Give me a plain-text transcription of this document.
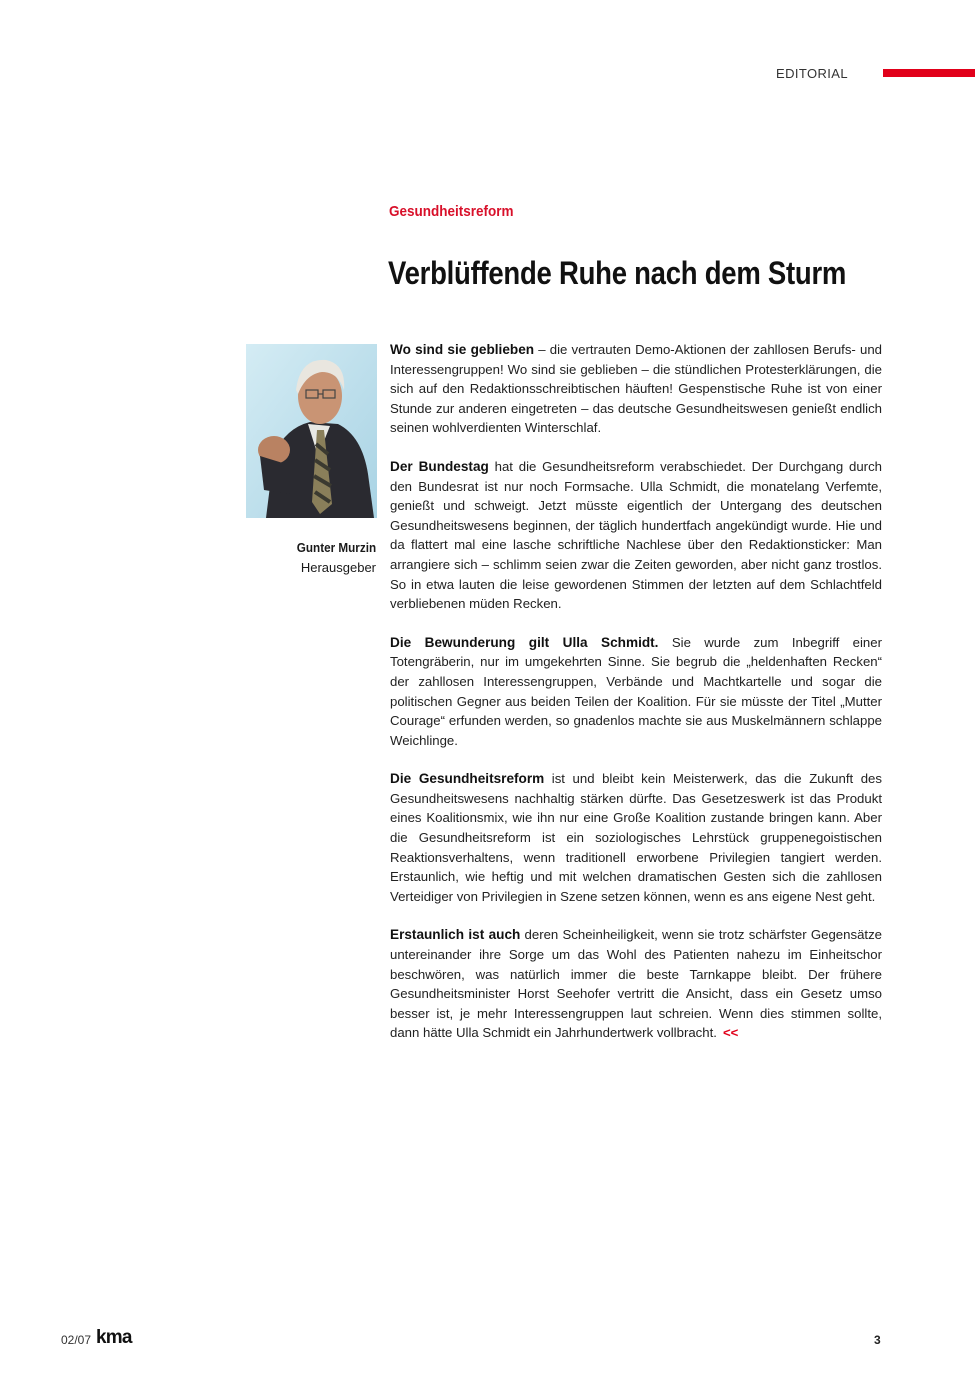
EDITORIAL
Gesundheitsreform
Verblüffende Ruhe nach dem Sturm
Gunter Murzin
Herausgeber

Wo sind sie geblieben – die vertrauten Demo-Aktionen der zahllosen Berufs- und Interessengruppen! Wo sind sie geblieben – die stündlichen Protesterklärungen, die sich auf den Redaktionsschreibtischen häuften! Gespenstische Ruhe ist von einer Stunde zur anderen eingetreten – das deutsche Gesundheitswesen genießt endlich seinen wohlverdienten Winterschlaf.

Der Bundestag hat die Gesundheitsreform verabschiedet. Der Durchgang durch den Bundesrat ist nur noch Formsache. Ulla Schmidt, die monatelang Verfemte, genießt und schweigt. Jetzt müsste eigentlich der Untergang des deutschen Gesundheitswesens beginnen, der täglich hundertfach angekündigt wurde. Hie und da flattert mal eine lasche schriftliche Nachlese über den Redaktionsticker: Man arrangiere sich – schlimm seien zwar die Zeiten geworden, aber nicht ganz trostlos. So in etwa lauten die leise gewordenen Stimmen der letzten auf dem Schlachtfeld verbliebenen müden Recken.

Die Bewunderung gilt Ulla Schmidt. Sie wurde zum Inbegriff einer Totengräberin, nur im umgekehrten Sinne. Sie begrub die „heldenhaften Recken“ der zahllosen Interessengruppen, Verbände und Machtkartelle und sogar die politischen Gegner aus beiden Teilen der Koalition. Für sie müsste der Titel „Mutter Courage“ erfunden werden, so gnadenlos machte sie aus Muskelmännern schlappe Weichlinge.

Die Gesundheitsreform ist und bleibt kein Meisterwerk, das die Zukunft des Gesundheitswesens nachhaltig stärken dürfte. Das Gesetzeswerk ist das Produkt eines Koalitionsmix, wie ihn nur eine Große Koalition zustande bringen kann. Aber die Gesundheitsreform ist ein soziologisches Lehrstück gruppenegoistischen Reaktionsverhaltens, wenn traditionell erworbene Privilegien tangiert werden. Erstaunlich, wie heftig und mit welchen dramatischen Gesten sich die zahllosen Verteidiger von Privilegien in Szene setzen können, wenn es ans eigene Nest geht.

Erstaunlich ist auch deren Scheinheiligkeit, wenn sie trotz schärfster Gegensätze untereinander ihre Sorge um das Wohl des Patienten nahezu im Einheitschor beschwören, was natürlich immer die beste Tarnkappe bleibt. Der frühere Gesundheitsminister Horst Seehofer vertritt die Ansicht, dass ein Gesetz umso besser ist, je mehr Interessengruppen laut schreien. Wenn dies stimmen sollte, dann hätte Ulla Schmidt ein Jahrhundertwerk vollbracht. <<

02/07 kma	3
